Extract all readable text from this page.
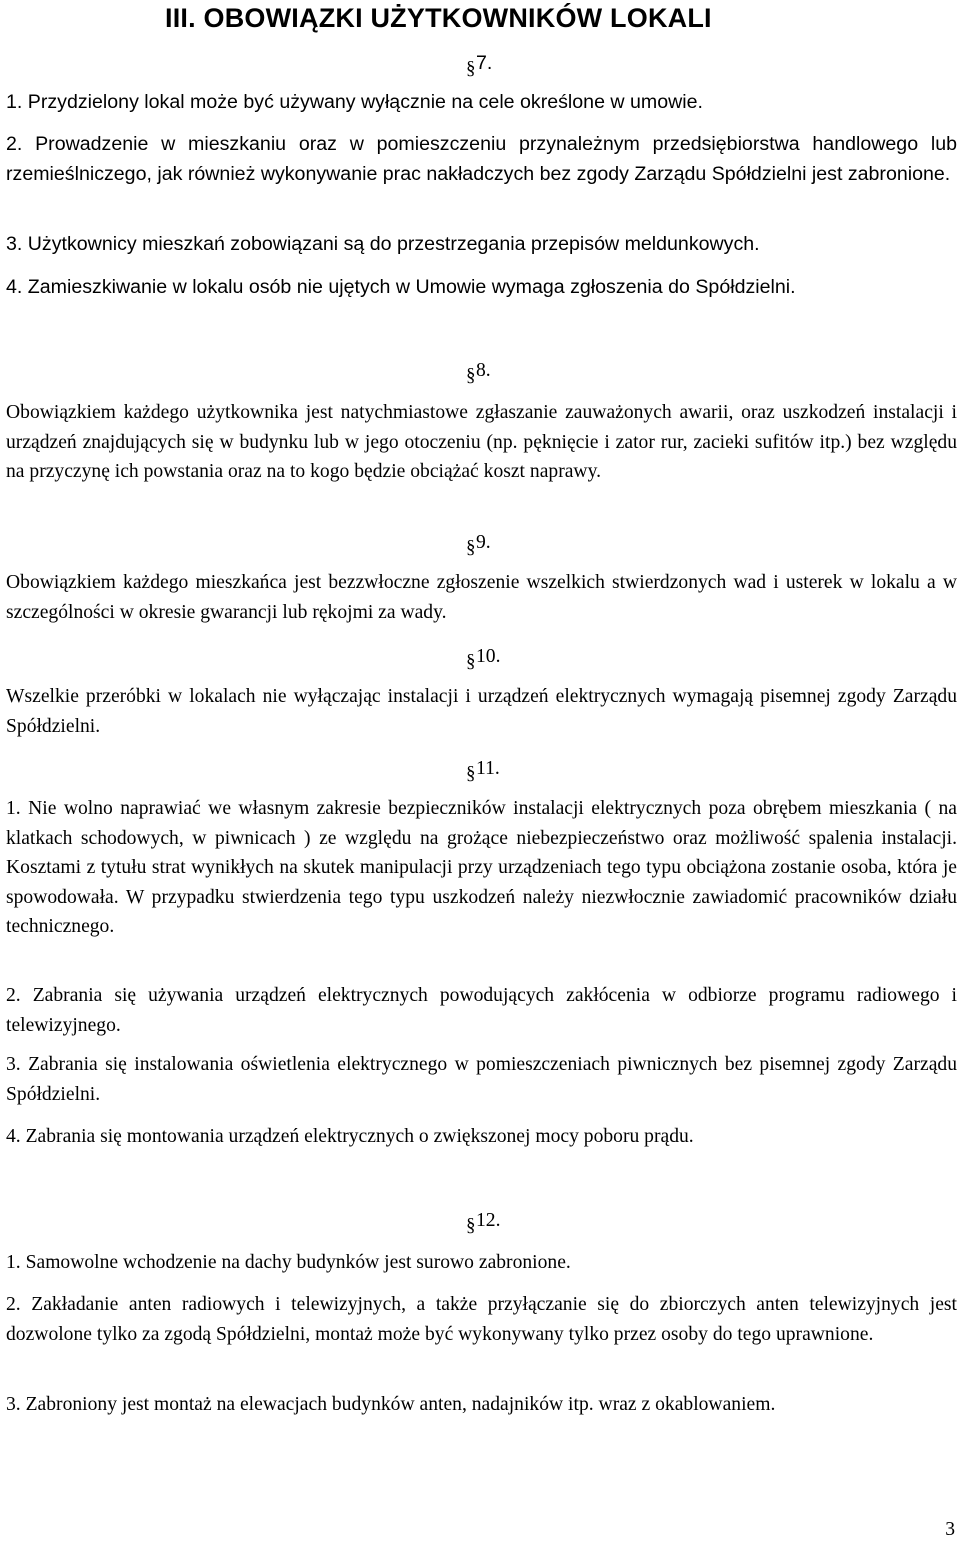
III. OBOWIĄZKI UŻYTKOWNIKÓW LOKALI
7.
1. Przydzielony lokal może być używany wyłącznie na cele określone w umowie.
2. Prowadzenie w mieszkaniu oraz w pomieszczeniu przynależnym przedsiębiorstwa handlowego lub rzemieślniczego, jak również wykonywanie prac nakładczych bez zgody Zarządu Spółdzielni jest zabronione.
3. Użytkownicy mieszkań zobowiązani są do przestrzegania przepisów meldunkowych.
4. Zamieszkiwanie w lokalu osób nie ujętych w Umowie wymaga zgłoszenia do Spółdzielni.
8.
Obowiązkiem każdego użytkownika jest natychmiastowe zgłaszanie zauważonych awarii, oraz uszkodzeń instalacji i urządzeń znajdujących się w budynku lub w jego otoczeniu (np. pęknięcie i zator rur, zacieki sufitów itp.) bez względu na przyczynę ich powstania oraz na to kogo będzie obciążać koszt naprawy.
9.
Obowiązkiem każdego mieszkańca jest bezzwłoczne zgłoszenie wszelkich stwierdzonych wad i usterek w lokalu a w szczególności w okresie gwarancji lub rękojmi za wady.
10.
Wszelkie przeróbki w lokalach nie wyłączając instalacji i urządzeń elektrycznych wymagają pisemnej zgody Zarządu Spółdzielni.
11.
1. Nie wolno naprawiać we własnym zakresie bezpieczników instalacji elektrycznych poza obrębem mieszkania ( na klatkach schodowych, w piwnicach ) ze względu na grożące niebezpieczeństwo oraz możliwość spalenia instalacji. Kosztami z tytułu strat wynikłych na skutek manipulacji przy urządzeniach tego typu obciążona zostanie osoba, która je spowodowała. W przypadku stwierdzenia tego typu uszkodzeń należy niezwłocznie zawiadomić pracowników działu technicznego.
2. Zabrania się używania urządzeń elektrycznych powodujących zakłócenia w odbiorze programu radiowego i telewizyjnego.
3. Zabrania się instalowania oświetlenia elektrycznego w pomieszczeniach piwnicznych bez pisemnej zgody Zarządu Spółdzielni.
4. Zabrania się montowania urządzeń elektrycznych o zwiększonej mocy poboru prądu.
12.
1. Samowolne wchodzenie na dachy budynków jest surowo zabronione.
2. Zakładanie anten radiowych i telewizyjnych, a także przyłączanie się do zbiorczych anten telewizyjnych jest dozwolone tylko za zgodą Spółdzielni, montaż może być wykonywany tylko przez osoby do tego uprawnione.
3. Zabroniony jest montaż na elewacjach budynków anten, nadajników itp. wraz z okablowaniem.
3
